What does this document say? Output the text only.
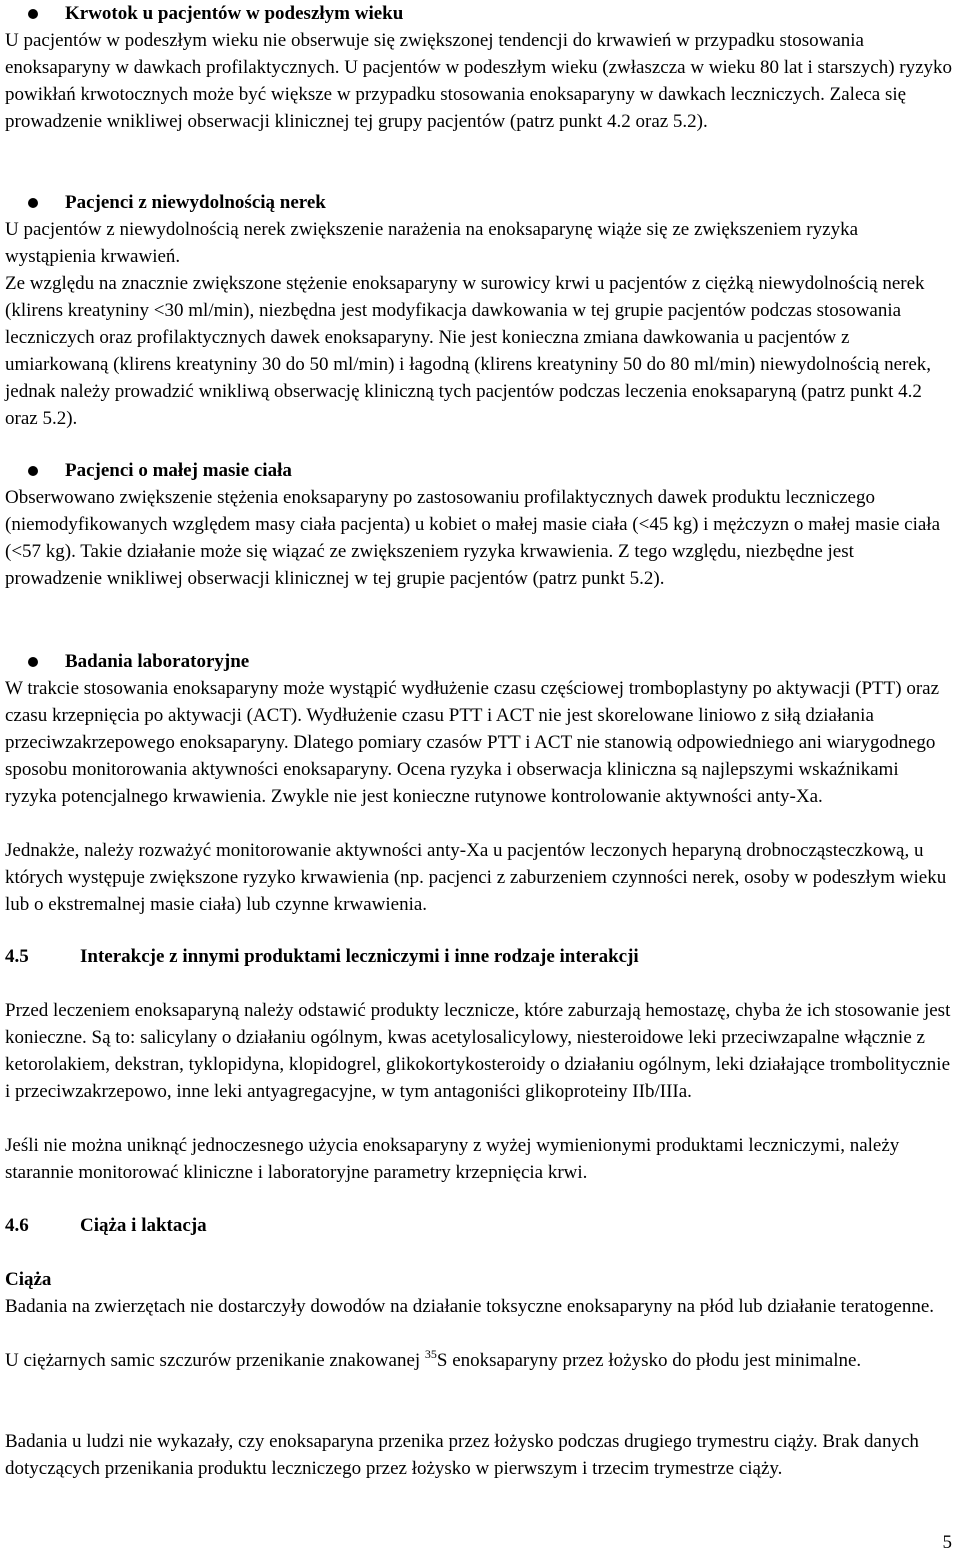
Krwotok u pacjentów w podeszłym wieku

U pacjentów w podeszłym wieku nie obserwuje się zwiększonej tendencji do krwawień w przypadku stosowania enoksaparyny w dawkach profilaktycznych. U pacjentów w podeszłym wieku (zwłaszcza w wieku 80 lat i starszych) ryzyko powikłań krwotocznych może być większe w przypadku stosowania enoksaparyny w dawkach leczniczych. Zaleca się prowadzenie wnikliwej obserwacji klinicznej tej grupy pacjentów (patrz punkt 4.2 oraz 5.2).

Pacjenci z niewydolnością nerek

U pacjentów z niewydolnością nerek zwiększenie narażenia na enoksaparynę wiąże się ze zwiększeniem ryzyka wystąpienia krwawień.

Ze względu na znacznie zwiększone stężenie enoksaparyny w surowicy krwi u pacjentów z ciężką niewydolnością nerek (klirens kreatyniny <30 ml/min), niezbędna jest modyfikacja dawkowania w tej grupie pacjentów podczas stosowania leczniczych oraz profilaktycznych dawek enoksaparyny. Nie jest konieczna zmiana dawkowania u pacjentów z umiarkowaną (klirens kreatyniny 30 do 50 ml/min) i łagodną (klirens kreatyniny 50 do 80 ml/min) niewydolnością nerek, jednak należy prowadzić wnikliwą obserwację kliniczną tych pacjentów podczas leczenia enoksaparyną (patrz punkt 4.2 oraz 5.2).

Pacjenci o małej masie ciała

Obserwowano zwiększenie stężenia enoksaparyny po zastosowaniu profilaktycznych dawek produktu leczniczego (niemodyfikowanych względem masy ciała pacjenta) u kobiet o małej masie ciała (<45 kg) i mężczyzn o małej masie ciała (<57 kg). Takie działanie może się wiązać ze zwiększeniem ryzyka krwawienia. Z tego względu, niezbędne jest prowadzenie wnikliwej obserwacji klinicznej w tej grupie pacjentów (patrz punkt 5.2).

Badania laboratoryjne

W trakcie stosowania enoksaparyny może wystąpić wydłużenie czasu częściowej tromboplastyny po aktywacji (PTT) oraz czasu krzepnięcia po aktywacji (ACT). Wydłużenie czasu PTT i ACT nie jest skorelowane liniowo z siłą działania przeciwzakrzepowego enoksaparyny. Dlatego pomiary czasów PTT i ACT nie stanowią odpowiedniego ani wiarygodnego sposobu monitorowania aktywności enoksaparyny. Ocena ryzyka i obserwacja kliniczna są najlepszymi wskaźnikami ryzyka potencjalnego krwawienia. Zwykle nie jest konieczne rutynowe kontrolowanie aktywności anty-Xa.

Jednakże, należy rozważyć monitorowanie aktywności anty-Xa u pacjentów leczonych heparyną drobnocząsteczkową, u których występuje zwiększone ryzyko krwawienia (np. pacjenci z zaburzeniem czynności nerek, osoby w podeszłym wieku lub o ekstremalnej masie ciała) lub czynne krwawienia.

4.5	Interakcje z innymi produktami leczniczymi i inne rodzaje interakcji

Przed leczeniem enoksaparyną należy odstawić produkty lecznicze, które zaburzają hemostazę, chyba że ich stosowanie jest konieczne. Są to: salicylany o działaniu ogólnym, kwas acetylosalicylowy, niesteroidowe leki przeciwzapalne włącznie z ketorolakiem, dekstran, tyklopidyna, klopidogrel, glikokortykosteroidy o działaniu ogólnym, leki działające trombolitycznie i przeciwzakrzepowo, inne leki antyagregacyjne, w tym antagoniści glikoproteiny IIb/IIIa.

Jeśli nie można uniknąć jednoczesnego użycia enoksaparyny z wyżej wymienionymi produktami leczniczymi, należy starannie monitorować kliniczne i laboratoryjne parametry krzepnięcia krwi.

4.6	Ciąża i laktacja

Ciąża

Badania na zwierzętach nie dostarczyły dowodów na działanie toksyczne enoksaparyny na płód lub działanie teratogenne.

U ciężarnych samic szczurów przenikanie znakowanej $^{35}$S enoksaparyny przez łożysko do płodu jest minimalne.

Badania u ludzi nie wykazały, czy enoksaparyna przenika przez łożysko podczas drugiego trymestru ciąży. Brak danych dotyczących przenikania produktu leczniczego przez łożysko w pierwszym i trzecim trymestrze ciąży.

5
